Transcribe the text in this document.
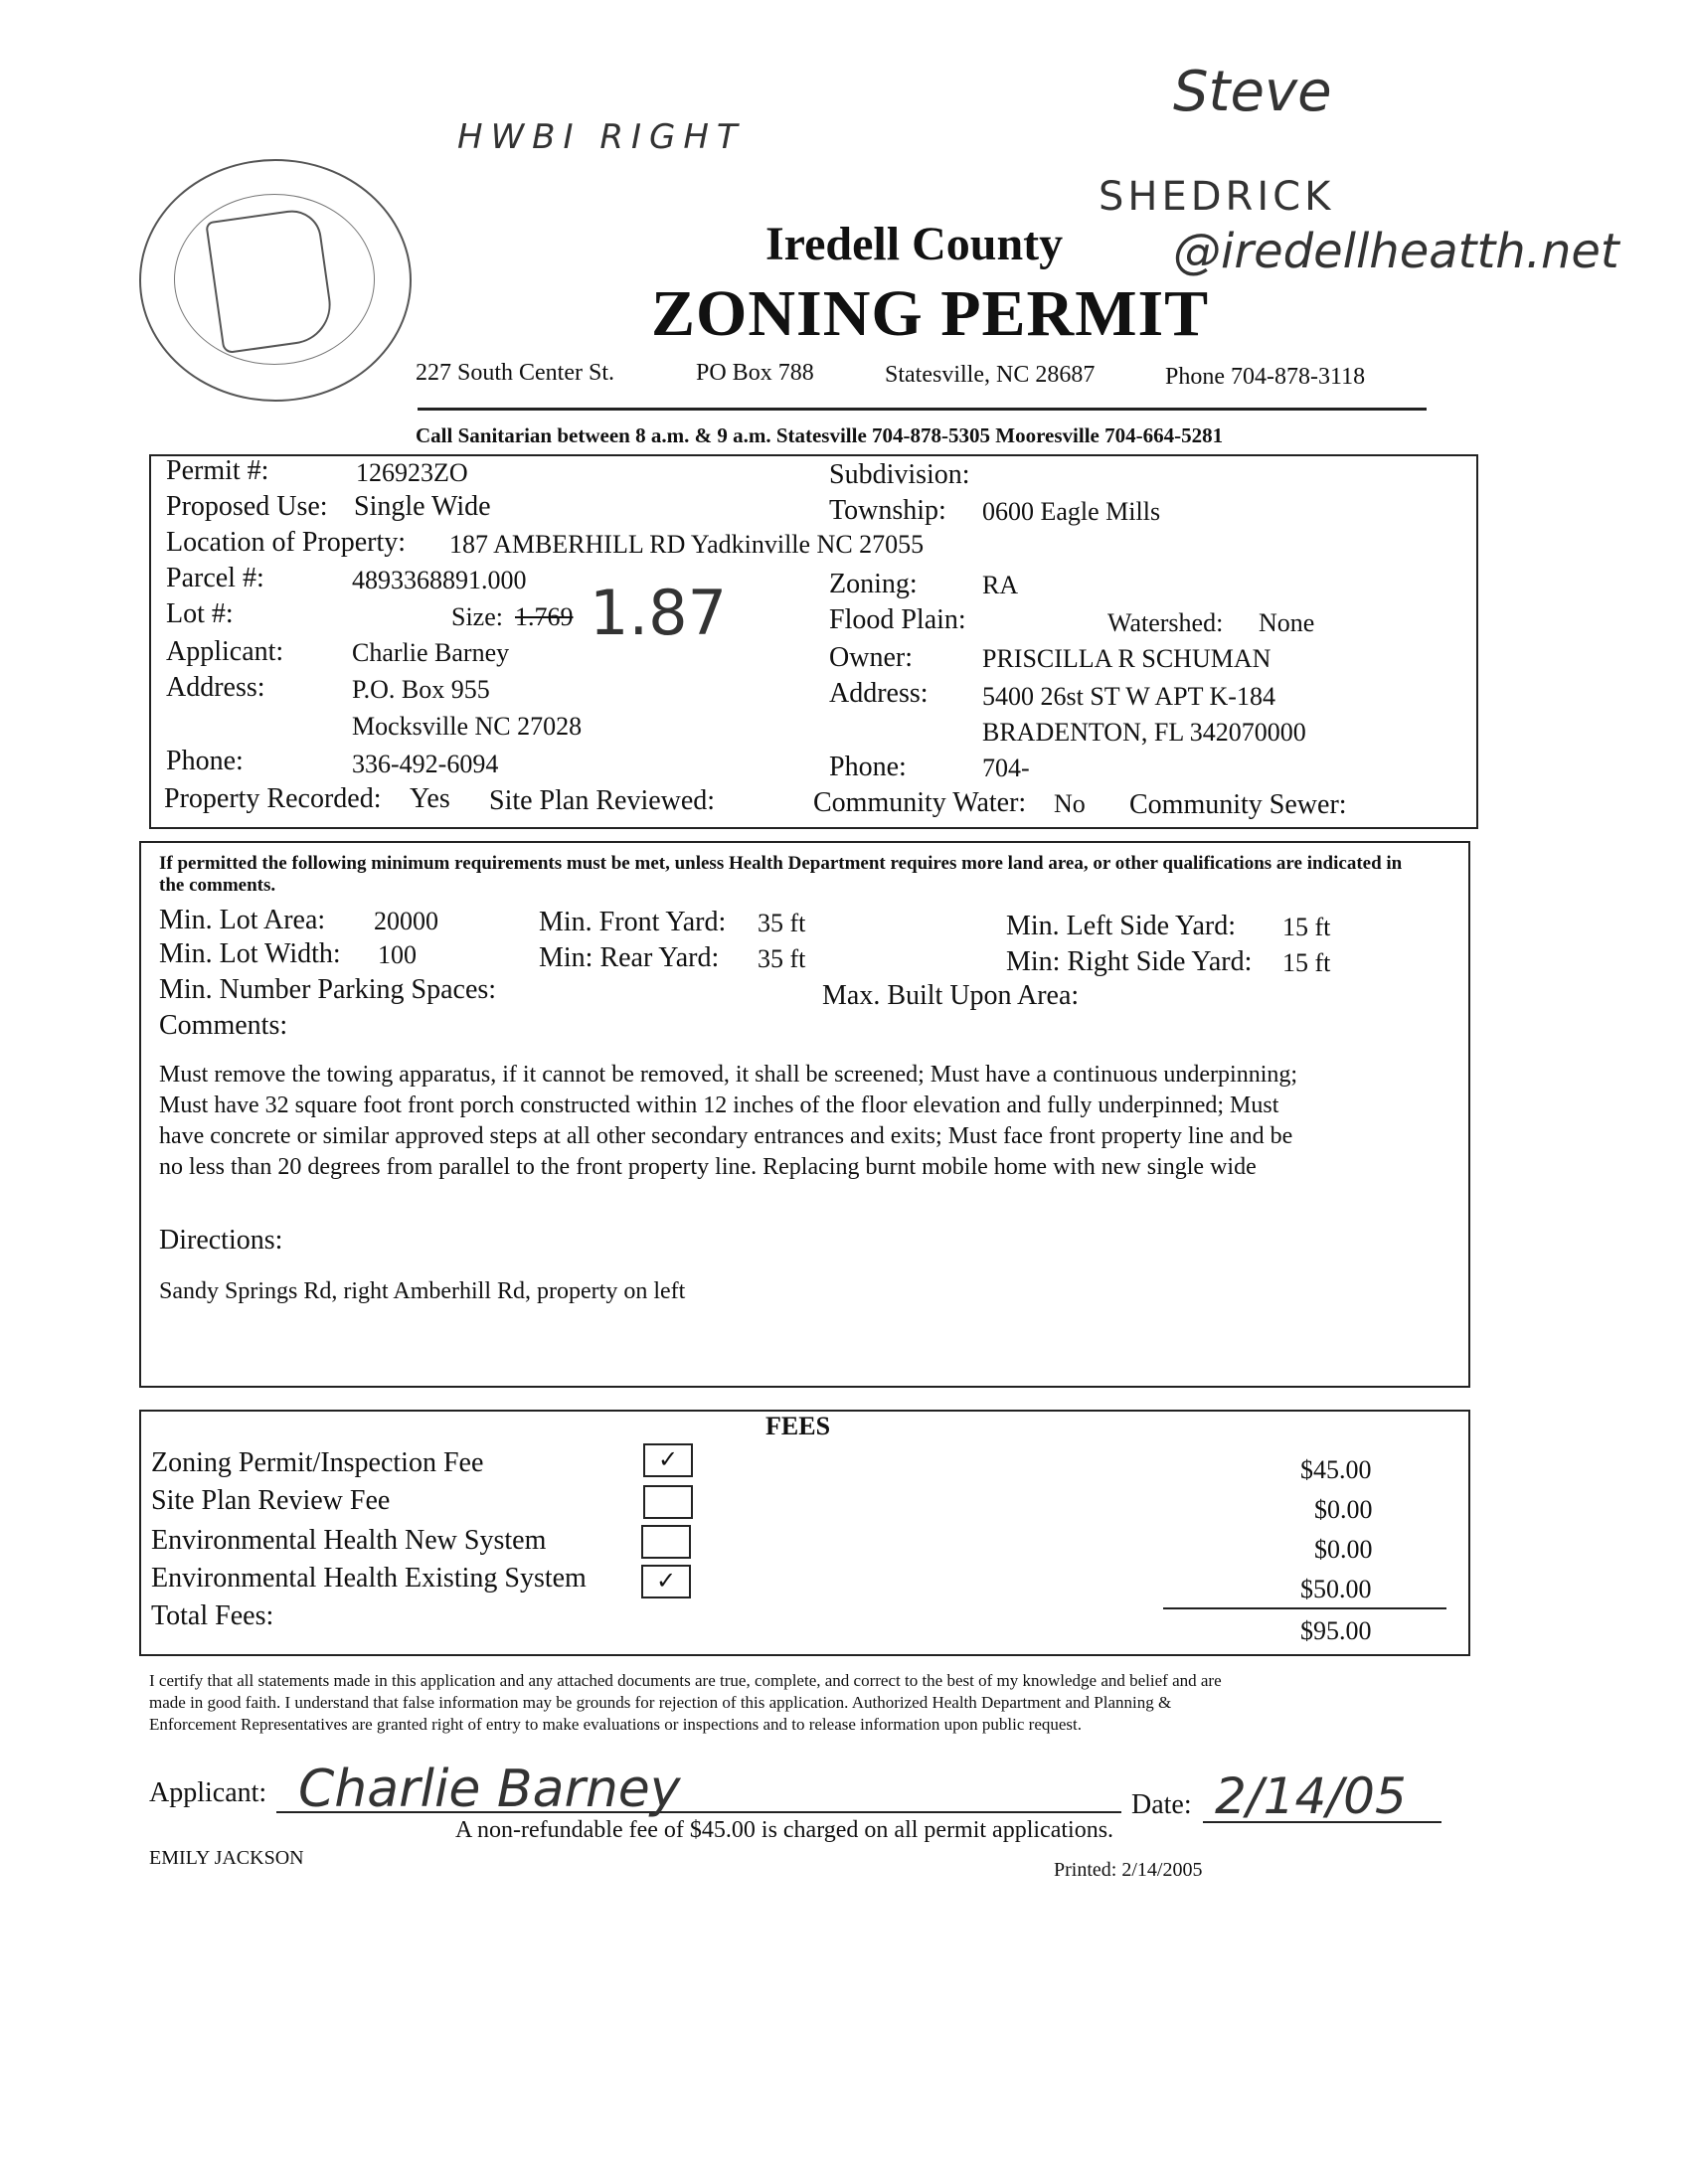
HWBI RIGHT
Steve
SHEDRICK
@iredellheatth.net
Iredell County
ZONING PERMIT
227 South Center St.	PO Box 788	Statesville, NC 28687	Phone 704-878-3118
Call Sanitarian between 8 a.m. & 9 a.m. Statesville 704-878-5305 Mooresville 704-664-5281
Permit #:	126923ZO	Subdivision:
Proposed Use: Single Wide	Township: 0600 Eagle Mills
Location of Property: 187 AMBERHILL RD Yadkinville NC 27055
Parcel #:	4893368891.000	Zoning:	RA
Lot #:	Size: 1.769 1.87	Flood Plain:	Watershed: None
Applicant:	Charlie Barney	Owner:	PRISCILLA R SCHUMAN
Address:	P.O. Box 955	Address: 5400 26st ST W APT K-184
Mocksville NC 27028	BRADENTON, FL 342070000
Phone:	336-492-6094	Phone:	704-
Property Recorded: Yes Site Plan Reviewed:	Community Water: No Community Sewer:
If permitted the following minimum requirements must be met, unless Health Department requires more land area, or other qualifications are indicated in the comments.
Min. Lot Area: 20000	Min. Front Yard: 35 ft	Min. Left Side Yard: 15 ft
Min. Lot Width: 100	Min: Rear Yard: 35 ft	Min: Right Side Yard: 15 ft
Min. Number Parking Spaces:	Max. Built Upon Area:
Comments:
Must remove the towing apparatus, if it cannot be removed, it shall be screened; Must have a continuous underpinning;
Must have 32 square foot front porch constructed within 12 inches of the floor elevation and fully underpinned; Must
have concrete or similar approved steps at all other secondary entrances and exits; Must face front property line and be
no less than 20 degrees from parallel to the front property line. Replacing burnt mobile home with new single wide
Directions:
Sandy Springs Rd, right Amberhill Rd, property on left
FEES
Zoning Permit/Inspection Fee	✓	$45.00
Site Plan Review Fee	$0.00
Environmental Health New System	$0.00
Environmental Health Existing System	✓	$50.00
Total Fees:	$95.00
I certify that all statements made in this application and any attached documents are true, complete, and correct to the best of my knowledge and belief and are
made in good faith. I understand that false information may be grounds for rejection of this application. Authorized Health Department and Planning &
Enforcement Representatives are granted right of entry to make evaluations or inspections and to release information upon public request.
Applicant: Charlie Barney	Date: 2/14/05
A non-refundable fee of $45.00 is charged on all permit applications.
EMILY JACKSON
Printed: 2/14/2005
